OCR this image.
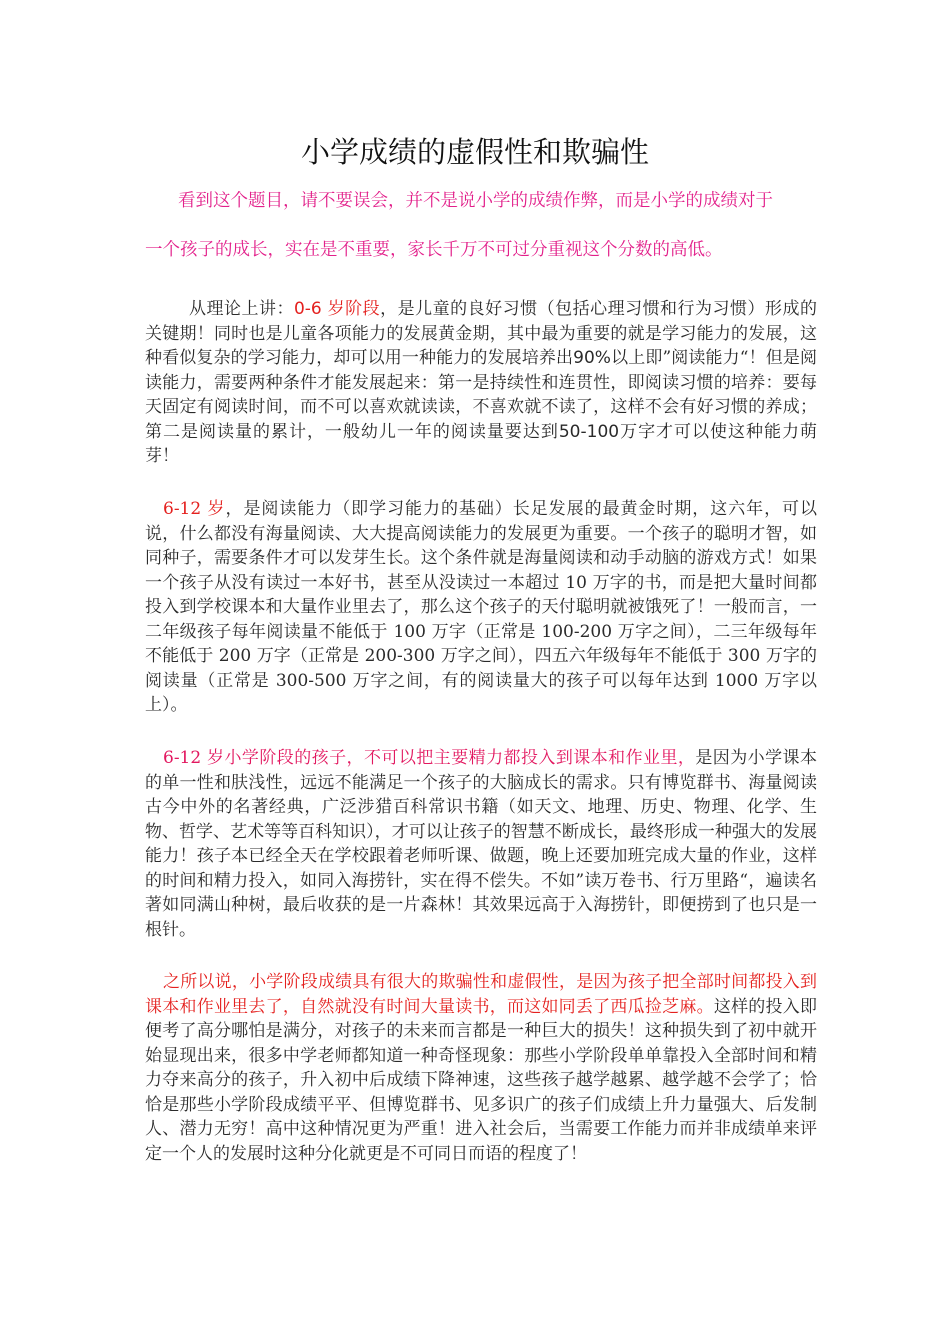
小学成绩的虚假性和欺骗性

看到这个题目，请不要误会，并不是说小学的成绩作弊，而是小学的成绩对于

一个孩子的成长，实在是不重要，家长千万不可过分重视这个分数的高低。

从理论上讲：0-6 岁阶段，是儿童的良好习惯（包括心理习惯和行为习惯）形成的关键期！同时也是儿童各项能力的发展黄金期，其中最为重要的就是学习能力的发展，这种看似复杂的学习能力，却可以用一种能力的发展培养出90%以上即”阅读能力“！但是阅读能力，需要两种条件才能发展起来：第一是持续性和连贯性，即阅读习惯的培养：要每天固定有阅读时间，而不可以喜欢就读读，不喜欢就不读了，这样不会有好习惯的养成；第二是阅读量的累计，一般幼儿一年的阅读量要达到50-100万字才可以使这种能力萌芽！

6-12 岁，是阅读能力（即学习能力的基础）长足发展的最黄金时期，这六年，可以说，什么都没有海量阅读、大大提高阅读能力的发展更为重要。一个孩子的聪明才智，如同种子，需要条件才可以发芽生长。这个条件就是海量阅读和动手动脑的游戏方式！如果一个孩子从没有读过一本好书，甚至从没读过一本超过 10 万字的书，而是把大量时间都投入到学校课本和大量作业里去了，那么这个孩子的天付聪明就被饿死了！一般而言，一二年级孩子每年阅读量不能低于 100 万字（正常是 100-200 万字之间），二三年级每年不能低于 200 万字（正常是 200-300 万字之间），四五六年级每年不能低于 300 万字的阅读量（正常是 300-500 万字之间，有的阅读量大的孩子可以每年达到 1000 万字以上）。

6-12 岁小学阶段的孩子，不可以把主要精力都投入到课本和作业里，是因为小学课本的单一性和肤浅性，远远不能满足一个孩子的大脑成长的需求。只有博览群书、海量阅读古今中外的名著经典，广泛涉猎百科常识书籍（如天文、地理、历史、物理、化学、生物、哲学、艺术等等百科知识），才可以让孩子的智慧不断成长，最终形成一种强大的发展能力！孩子本已经全天在学校跟着老师听课、做题，晚上还要加班完成大量的作业，这样的时间和精力投入，如同入海捞针，实在得不偿失。不如”读万卷书、行万里路“，遍读名著如同满山种树，最后收获的是一片森林！其效果远高于入海捞针，即便捞到了也只是一根针。

之所以说，小学阶段成绩具有很大的欺骗性和虚假性，是因为孩子把全部时间都投入到课本和作业里去了，自然就没有时间大量读书，而这如同丢了西瓜捡芝麻。这样的投入即便考了高分哪怕是满分，对孩子的未来而言都是一种巨大的损失！这种损失到了初中就开始显现出来，很多中学老师都知道一种奇怪现象：那些小学阶段单单靠投入全部时间和精力夺来高分的孩子，升入初中后成绩下降神速，这些孩子越学越累、越学越不会学了；恰恰是那些小学阶段成绩平平、但博览群书、见多识广的孩子们成绩上升力量强大、后发制人、潜力无穷！高中这种情况更为严重！进入社会后，当需要工作能力而并非成绩单来评定一个人的发展时这种分化就更是不可同日而语的程度了！
